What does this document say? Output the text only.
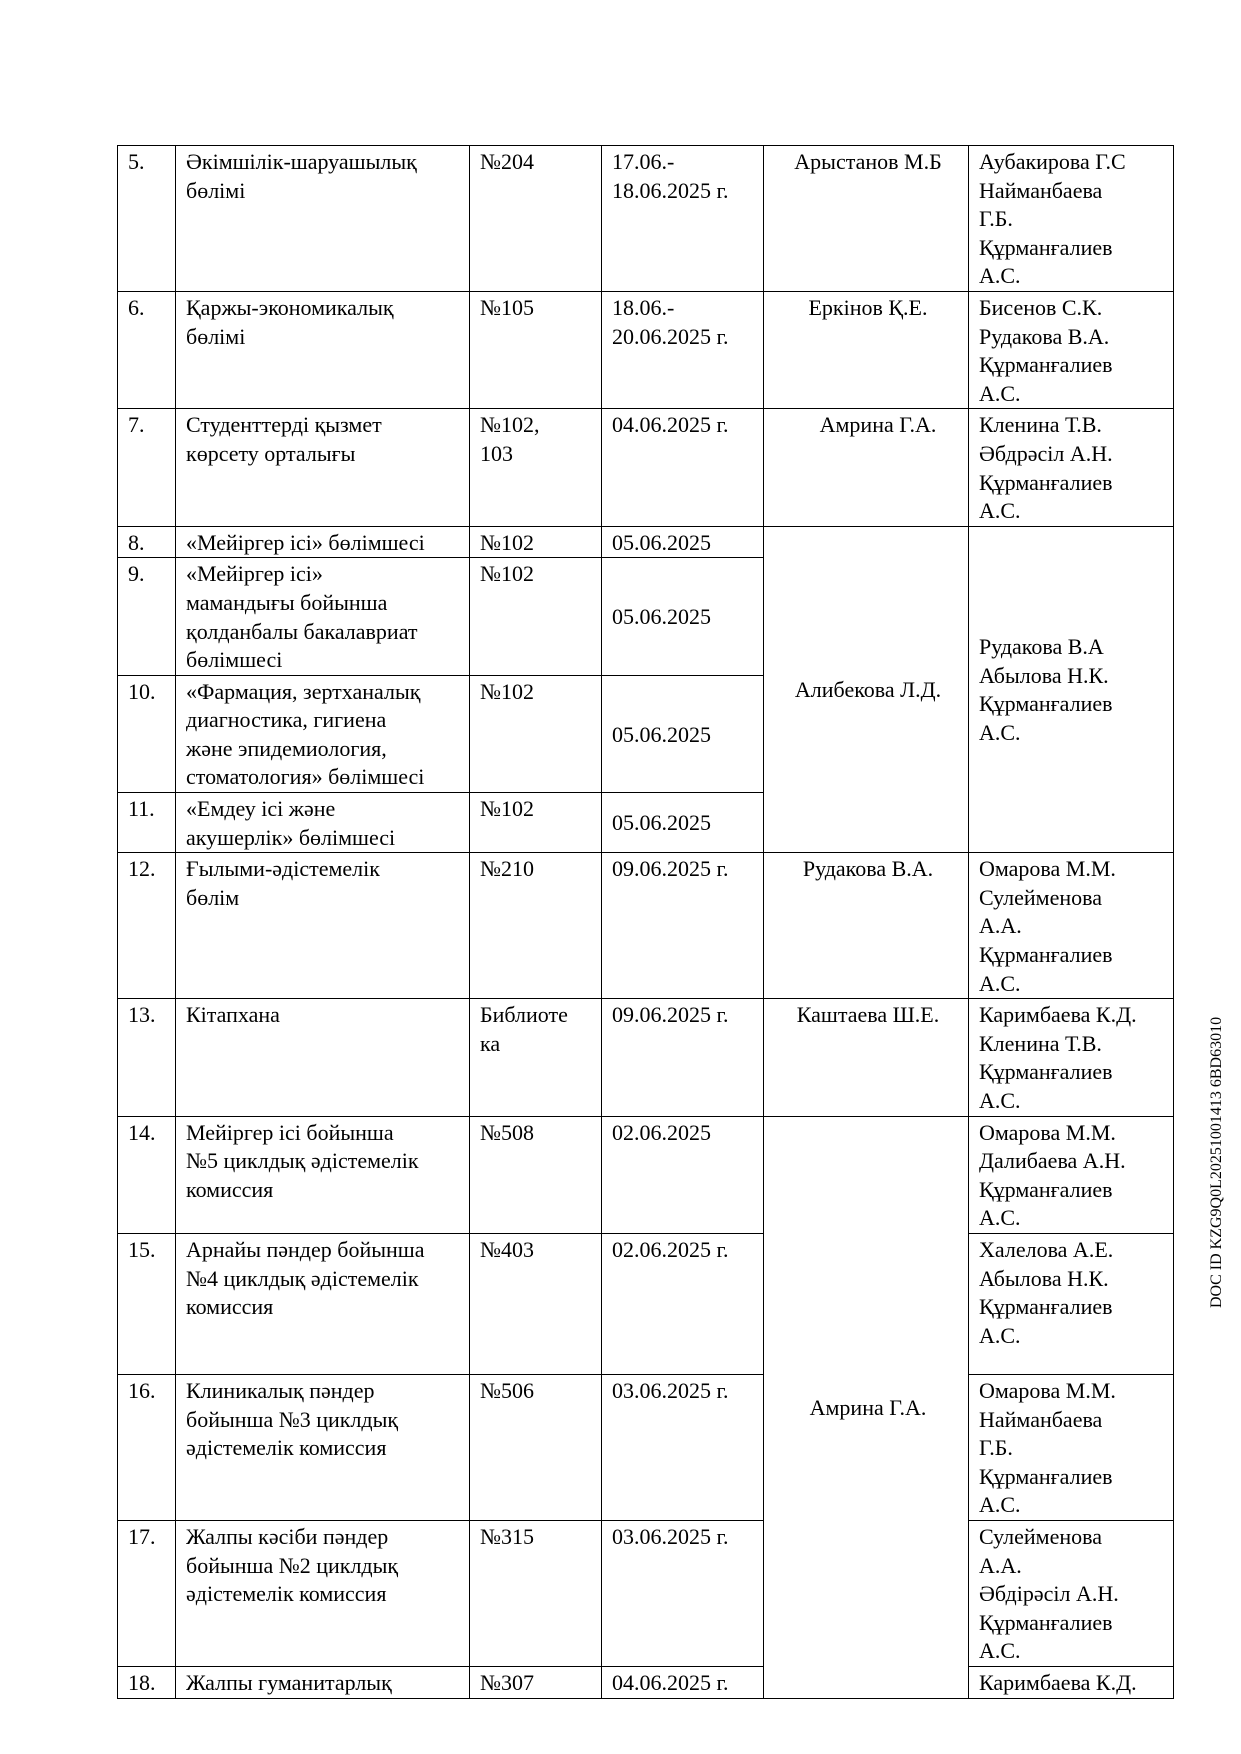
5.	Әкімшілік-шаруашылық
бөлімі	№204	17.06.-
18.06.2025 г.	Арыстанов М.Б	Аубакирова Г.С
Найманбаева
Г.Б.
Құрманғалиев
А.С.

6.	Қаржы-экономикалық
бөлімі	№105	18.06.-
20.06.2025 г.	Еркінов Қ.Е.	Бисенов С.К.
Рудакова В.А.
Құрманғалиев
А.С.

7.	Студенттерді қызмет
көрсету орталығы	№102,
103	04.06.2025 г.	Амрина Г.А.	Кленина Т.В.
Әбдрәсіл А.Н.
Құрманғалиев
А.С.

8.	«Мейіргер ісі» бөлімшесі	№102	05.06.2025	Алибекова Л.Д.	Рудакова В.А
Абылова Н.К.
Құрманғалиев
А.С.

9.	«Мейіргер ісі»
мамандығы бойынша
қолданбалы бакалавриат
бөлімшесі	№102	05.06.2025		

10.	«Фармация, зертханалық
диагностика, гигиена
және эпидемиология,
стоматология» бөлімшесі	№102	05.06.2025		

11.	«Емдеу ісі және
акушерлік» бөлімшесі	№102	05.06.2025		

12.	Ғылыми-әдістемелік
бөлім	№210	09.06.2025 г.	Рудакова В.А.	Омарова М.М.
Сулейменова
А.А.
Құрманғалиев
А.С.

13.	Кітапхана	Библиоте
ка	09.06.2025 г.	Каштаева Ш.Е.	Каримбаева К.Д.
Кленина Т.В.
Құрманғалиев
А.С.

14.	Мейіргер ісі бойынша
№5 циклдық әдістемелік
комиссия	№508	02.06.2025	Амрина Г.А.	Омарова М.М.
Далибаева А.Н.
Құрманғалиев
А.С.

15.	Арнайы пәндер бойынша
№4 циклдық әдістемелік
комиссия	№403	02.06.2025 г.		Халелова А.Е.
Абылова Н.К.
Құрманғалиев
А.С.

16.	Клиникалық пәндер
бойынша №3 циклдық
әдістемелік комиссия	№506	03.06.2025 г.		Омарова М.М.
Найманбаева
Г.Б.
Құрманғалиев
А.С.

17.	Жалпы кәсіби пәндер
бойынша №2 циклдық
әдістемелік комиссия	№315	03.06.2025 г.		Сулейменова
А.А.
Әбдірәсіл А.Н.
Құрманғалиев
А.С.

18.	Жалпы гуманитарлық	№307	04.06.2025 г.		Каримбаева К.Д.
DOC ID KZG9Q0L20251001413 6BD63010
